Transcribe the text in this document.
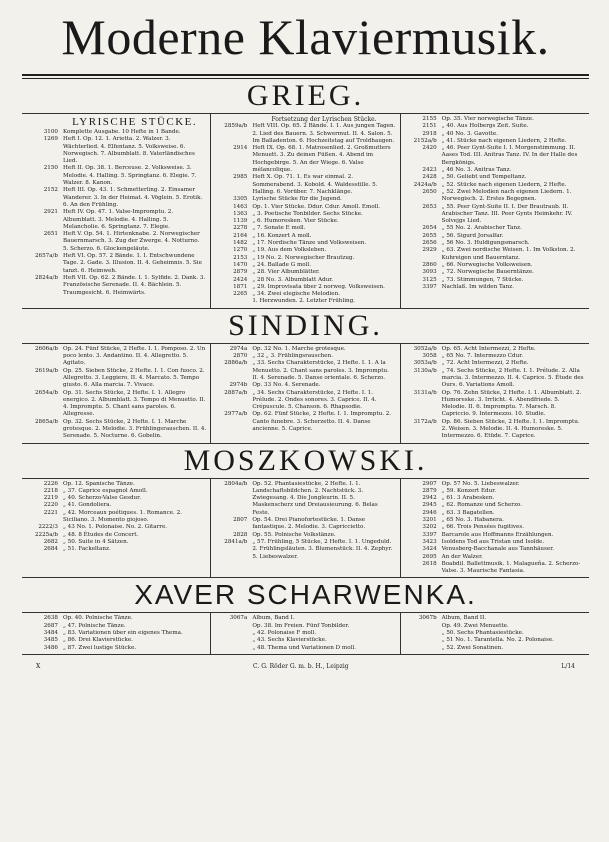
Moderne Klaviermusik.
GRIEG.
LYRISCHE STÜCKE.
3100 Komplette Ausgabe. 10 Hefte in 1 Bande.
1269 Heft I. Op. 12. 1. Arietta. 2. Walzer. 3. Wächterlied. 4. Elfentanz. 5. Volksweise. 6. Norwegisch. 7. Albumblatt. 8. Vaterländisches Lied.
2150 Heft II. Op. 38. 1. Berceuse. 2. Volksweise. 3. Melodie. 4. Halling. 5. Springtanz. 6. Elegie. 7. Walzer. 8. Kanon.
2152 Heft III. Op. 43. 1. Schmetterling. 2. Einsamer Wanderer. 3. In der Heimat. 4. Vöglein. 5. Erotik. 6. An den Frühling.
2921 Heft IV. Op. 47. 1. Valse-Impromptu. 2. Albumblatt. 3. Melodie. 4. Halling. 5. Melancholie. 6. Springtanz. 7. Elegie.
2651 Heft V. Op. 54. 1. Hirtenknabe. 2. Norwegischer Bauernmarsch. 3. Zug der Zwerge. 4. Notturno. 5. Scherzo. 6. Glockengeläute.
2657a/b Heft VI. Op. 57. 2 Bände. 1. I. Entschwundene Tage. 2. Gade. 3. Illusion. II. 4. Geheimnis. 5. Sie tanzt. 6. Heimweh.
2824a/b Heft VII. Op. 62. 2 Bände. I. 1. Sylfide. 2. Dank. 3. Französische Serenade. II. 4. Bächlein. 5. Traumgesicht. 6. Heimwärts.
Fortsetzung der Lyrischen Stücke.
2859a/b Heft VIII. Op. 65. 2 Bände. I. 1. Aus jungen Tagen. 2. Lied des Bauern. 3. Schwermut. II. 4. Salon. 5. Im Balladenton. 6. Hochzeitstag auf Troldhaugen.
2914 Heft IX. Op. 68. 1. Matrosenlied. 2. Großmutters Menuett. 3. Zu deinen Füßen. 4. Abend im Hochgebirge. 5. An der Wiege. 6. Valse mélancolique.
2985 Heft X. Op. 71. 1. Es war einmal. 2. Sommerabend. 3. Kobold. 4. Waldesstille. 5. Halling. 6. Vorüber. 7. Nachklänge.
3305 Lyrische Stücke für die Jugend.
1463 Op. 1. Vier Stücke. Ddur. Cdur. Amoll. Emoll.
1363 „ 3. Poetische Tonbilder. Sechs Stücke.
1139 „ 6. Humoresken. Vier Stücke.
2278 „ 7. Sonate E moll.
2164 „ 16. Konzert A moll.
1482 „ 17. Nordische Tänze und Volksweisen.
1270 „ 19. Aus dem Volksleben.
2153 „ 19 No. 2. Norwegischer Brautzug.
1470 „ 24. Ballade G moll.
2879 „ 28. Vier Albumblätter.
2424 „ 28 No. 3. Albumblatt Adur.
1871 „ 29. Improvisata über 2 norweg. Volksweisen.
2265 „ 34. Zwei elegische Melodien.
1. Herzwunden. 2. Letzter Frühling.
2155 Op. 35. Vier norwegische Tänze.
2151 „ 40. Aus Holbergs Zeit. Suite.
2918 „ 40 No. 3. Gavotte.
2152a/b „ 41. Stücke nach eigenen Liedern, 2 Hefte.
2420 „ 46. Peer Gynt-Suite I. I. Morgenstimmung. II. Aases Tod. III. Anitras Tanz. IV. In der Halle des Bergkönigs.
2423 „ 46 No. 3. Anitras Tanz.
2428 „ 50. Geliebt und Tempeltanz.
2424a/b „ 52. Stücke nach eigenen Liedern, 2 Hefte.
2650 „ 52. Zwei Melodien nach eigenen Liedern. 1. Norwegisch. 2. Erstes Begegnen.
2653 „ 55. Peer Gynt-Suite II. I. Der Brautraub. II. Arabischer Tanz. III. Peer Gynts Heimkehr. IV. Solvejgs Lied.
2654 „ 55 No. 2. Arabischer Tanz.
2655 „ 56. Sigurd Jorsalfar.
2656 „ 56 No. 3. Huldigungsmarsch.
2929 „ 63. Zwei nordische Weisen. 1. Im Volkston. 2. Kuhreigen und Bauerntanz.
2860 „ 66. Norwegische Volksweisen.
3093 „ 72. Norwegische Bauerntänze.
3125 „ 73. Stimmungen, 7 Stücke.
3397 Nachlaß. Im wilden Tanz.
SINDING.
2606a/b Op. 24. Fünf Stücke, 2 Hefte. I. 1. Pomposo. 2. Un poco lento. 3. Andantino. II. 4. Allegretto. 5. Agitato.
2619a/b Op. 25. Sieben Stücke, 2 Hefte. I. 1. Con fuoco. 2. Allegretto. 3. Leggiero. II. 4. Marcato. 5. Tempo giusto. 6. Alla marcia. 7. Vivace.
2654a/b Op. 31. Sechs Stücke, 2 Hefte. I. 1. Allegro energico. 2. Albumblatt. 3. Tempo di Menuetto. II. 4. Impromptu. 5. Chant sans paroles. 6. Allegresse.
2865a/b Op. 32. Sechs Stücke, 2 Hefte. I. 1. Marche grotesque. 2. Melodie. 3. Frühlingsrauschen. II. 4. Serenade. 5. Nocturne. 6. Gobelin.
2974a Op. 32 No. 1. Marche grotesque.
2870 „ 32 „ 3. Frühlingsrauschen.
2886a/b „ 33. Sechs Charakterstücke, 2 Hefte. I. 1. A la Menuetto. 2. Chant sans paroles. 3. Impromptu. II. 4. Serenade. 5. Danse orientale. 6. Scherzo.
2974b Op. 33 No. 4. Serenade.
2887a/b „ 34. Sechs Charakterstücke, 2 Hefte. I. 1. Prélude. 2. Ondes sonores. 3. Caprice. II. 4. Crépuscule. 5. Chanson. 6. Rhapsodie.
2977a/b Op. 62. Fünf Stücke, 2 Hefte. I. 1. Impromptu. 2. Canto funebre. 3. Scherzetto. II. 4. Danse ancienne. 5. Caprice.
3052a/b Op. 65. Acht Intermezzi, 2 Hefte.
3058 „ 65 No. 7. Intermezzo Cdur.
3053a/b „ 72. Acht Intermezzi, 2 Hefte.
3130a/b „ 74. Sechs Stücke, 2 Hefte. I. 1. Prélude. 2. Alla marcia. 3. Intermezzo. II. 4. Caprice. 5. Étude des Ours. 6. Variations Amoll.
3131a/b Op. 76. Zehn Stücke, 2 Hefte. I. 1. Albumblatt. 2. Humoreske. 3. Irrlicht. 4. Abendfriede. 5. Melodie. II. 6. Impromptu. 7. Marsch. 8. Capriccio. 9. Intermezzo. 10. Studie.
3172a/b Op. 86. Sieben Stücke, 2 Hefte. I. 1. Impromptu. 2. Weisen. 3. Melodie. II. 4. Humoreske. 5. Intermezzo. 6. Etüde. 7. Caprice.
MOSZKOWSKI.
2226 Op. 12. Spanische Tänze.
2218 „ 37. Caprice espagnol Amoll.
2219 „ 40. Scherzo-Valse Gesdur.
2220 „ 41. Gondoliera.
2221 „ 42. Morceaux poétiques. 1. Romance. 2. Siciliano. 3. Momento giojoso.
2222/3 „ 43 No. 1. Polonaise. No. 2. Gitarre.
2225a/b „ 48. 8 Études de Concert.
2682 „ 50. Suite in 4 Sätzen.
2684 „ 51. Fackeltanz.
2804a/b Op. 52. Phantasiestücke, 2 Hefte. I. 1. Landschaftsbildchen. 2. Nachtstück. 3. Zwiegesang. 4. Die Jongleurin. II. 5. Maskenscherz und Dreiausieurung. 6. Belas Feste.
2807 Op. 54. Drei Pianofortestücke. 1. Danse fantastique. 2. Melodie. 3. Capriccietto.
2828 Op. 55. Polnische Volkstänze.
2841a/b „ 57. Frühling, 5 Stücke, 2 Hefte. I. 1. Ungeduld. 2. Frühlingsläuten. 3. Blumenstück. II. 4. Zephyr. 5. Liebeswalzer.
2907 Op. 57 No. 5. Liebeswalzer.
2879 „ 59. Konzert Edur.
2942 „ 61. 3 Arabesken.
2945 „ 62. Romanze und Scherzo.
2946 „ 63. 3 Bagatellen.
3201 „ 65 No. 3. Habanera.
3202 „ 66. Trois Pensées fugitives.
3397 Barcarole aus Hoffmanns Erzählungen.
3423 Isoldens Tod aus Tristan und Isolde.
3424 Venusberg-Bacchanale aus Tannhäuser.
2695 An der Walzer.
2618 Boabdil. Ballettmusik. 1. Malagueña. 2. Scherzo-Valse. 3. Maurische Fantasia.
XAVER SCHARWENKA.
2638 Op. 40. Polnische Tänze.
2687 „ 47. Polnische Tänze.
3484 „ 83. Variationen über ein eigenes Thema.
3485 „ 86. Drei Klavierstücke.
3486 „ 87. Zwei lustige Stücke.
3067a Album, Band I.
Op. 38. Im Freien. Fünf Tonbilder.
„ 42. Polonaise F moll.
„ 43. Sechs Klavierstücke.
„ 48. Thema und Variationen D moll.
3067b Album, Band II.
Op. 49. Zwei Menuette.
„ 50. Sechs Phantasiestücke.
„ 51 No. 1. Tarantella. No. 2. Polonaise.
„ 52. Zwei Sonatinen.
X	C. G. Röder G. m. b. H., Leipzig	L/14
